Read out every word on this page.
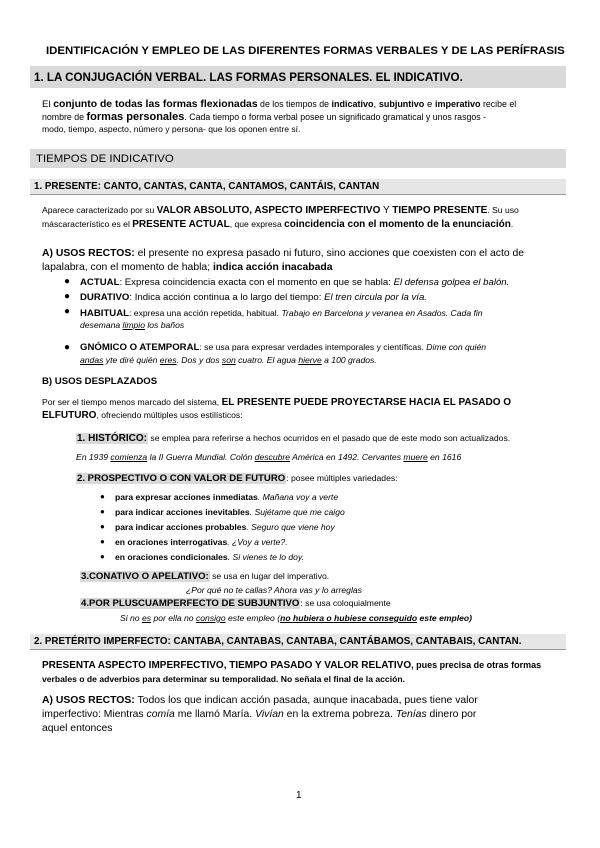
IDENTIFICACIÓN Y EMPLEO DE LAS DIFERENTES FORMAS VERBALES Y DE LAS PERÍFRASIS
1. LA CONJUGACIÓN VERBAL. LAS FORMAS PERSONALES. EL INDICATIVO.
El conjunto de todas las formas flexionadas de los tiempos de indicativo, subjuntivo e imperativo recibe el
nombre de formas personales. Cada tiempo o forma verbal posee un significado gramatical y unos rasgos -
modo, tiempo, aspecto, número y persona- que los oponen entre sí.
TIEMPOS DE INDICATIVO
1. PRESENTE: CANTO, CANTAS, CANTA, CANTAMOS, CANTÁIS, CANTAN
Aparece caracterizado por su VALOR ABSOLUTO, ASPECTO IMPERFECTIVO Y TIEMPO PRESENTE. Su uso
máscaracterístico es el PRESENTE ACTUAL, que expresa coincidencia con el momento de la enunciación.
A) USOS RECTOS: el presente no expresa pasado ni futuro, sino acciones que coexisten con el acto de
lapalabra, con el momento de habla; indica acción inacabada
● ACTUAL: Expresa coincidencia exacta con el momento en que se habla: El defensa golpea el balón.
● DURATIVO: Indica acción continua a lo largo del tiempo: El tren circula por la vía.
● HABITUAL: expresa una acción repetida, habitual. Trabajo en Barcelona y veranea en Asados. Cada fin
desemana limpio los baños
● GNÓMICO O ATEMPORAL: se usa para expresar verdades intemporales y científicas. Dime con quién
andas yte diré quién eres. Dos y dos son cuatro. El agua hierve a 100 grados.
B) USOS DESPLAZADOS
Por ser el tiempo menos marcado del sistema, EL PRESENTE PUEDE PROYECTARSE HACIA EL PASADO O
ELFUTURO, ofreciendo múltiples usos estilísticos:
1. HISTÓRICO: se emplea para referirse a hechos ocurridos en el pasado que de este modo son actualizados.
En 1939 comienza la II Guerra Mundial. Colón descubre América en 1492. Cervantes muere en 1616
2. PROSPECTIVO O CON VALOR DE FUTURO: posee múltiples variedades:
● para expresar acciones inmediatas. Mañana voy a verte
● para indicar acciones inevitables. Sujétame que me caigo
● para indicar acciones probables. Seguro que viene hoy
● en oraciones interrogativas. ¿Voy a verte?.
● en oraciones condicionales. Si vienes te lo doy.
3.CONATIVO O APELATIVO: se usa en lugar del imperativo.
¿Por qué no te callas? Ahora vas y lo arreglas
4.POR PLUSCUAMPERFECTO DE SUBJUNTIVO: se usa coloquialmente
Si no es por ella no consigo este empleo (no hubiera o hubiese conseguido este empleo)
2. PRETÉRITO IMPERFECTO: CANTABA, CANTABAS, CANTABA, CANTÁBAMOS, CANTABAIS, CANTAN.
PRESENTA ASPECTO IMPERFECTIVO, TIEMPO PASADO Y VALOR RELATIVO, pues precisa de otras formas
verbales o de adverbios para determinar su temporalidad. No señala el final de la acción.
A) USOS RECTOS: Todos los que indican acción pasada, aunque inacabada, pues tiene valor
imperfectivo: Mientras comía me llamó María. Vivían en la extrema pobreza. Tenías dinero por
aquel entonces
1
